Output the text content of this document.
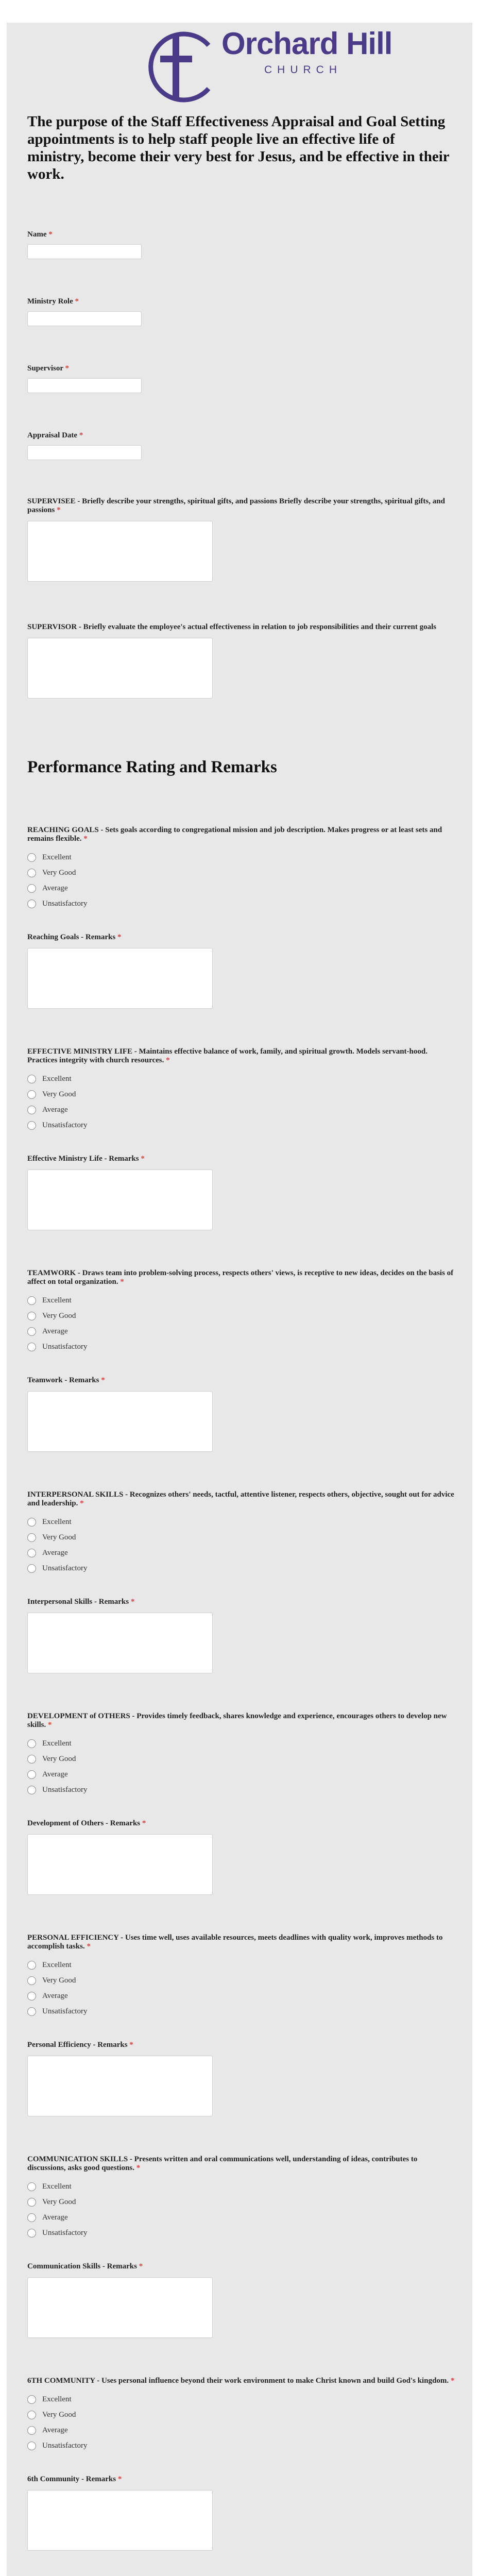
Orchard Hill
CHURCH
The purpose of the Staff Effectiveness Appraisal and Goal Setting appointments is to help staff people live an effective life of ministry, become their very best for Jesus, and be effective in their work.
Name *
Ministry Role *
Supervisor *
Appraisal Date *
SUPERVISEE - Briefly describe your strengths, spiritual gifts, and passions Briefly describe your strengths, spiritual gifts, and passions *
SUPERVISOR - Briefly evaluate the employee's actual effectiveness in relation to job responsibilities and their current goals
Performance Rating and Remarks
REACHING GOALS - Sets goals according to congregational mission and job description. Makes progress or at least sets and remains flexible. *
Excellent
Very Good
Average
Unsatisfactory
Reaching Goals - Remarks *
EFFECTIVE MINISTRY LIFE - Maintains effective balance of work, family, and spiritual growth. Models servant-hood. Practices integrity with church resources. *
Excellent
Very Good
Average
Unsatisfactory
Effective Ministry Life - Remarks *
TEAMWORK - Draws team into problem-solving process, respects others' views, is receptive to new ideas, decides on the basis of affect on total organization. *
Excellent
Very Good
Average
Unsatisfactory
Teamwork - Remarks *
INTERPERSONAL SKILLS - Recognizes others' needs, tactful, attentive listener, respects others, objective, sought out for advice and leadership. *
Excellent
Very Good
Average
Unsatisfactory
Interpersonal Skills - Remarks *
DEVELOPMENT of OTHERS - Provides timely feedback, shares knowledge and experience, encourages others to develop new skills. *
Excellent
Very Good
Average
Unsatisfactory
Development of Others - Remarks *
PERSONAL EFFICIENCY - Uses time well, uses available resources, meets deadlines with quality work, improves methods to accomplish tasks. *
Excellent
Very Good
Average
Unsatisfactory
Personal Efficiency - Remarks *
COMMUNICATION SKILLS - Presents written and oral communications well, understanding of ideas, contributes to discussions, asks good questions. *
Excellent
Very Good
Average
Unsatisfactory
Communication Skills - Remarks *
6TH COMMUNITY - Uses personal influence beyond their work environment to make Christ known and build God's kingdom. *
Excellent
Very Good
Average
Unsatisfactory
6th Community - Remarks *
